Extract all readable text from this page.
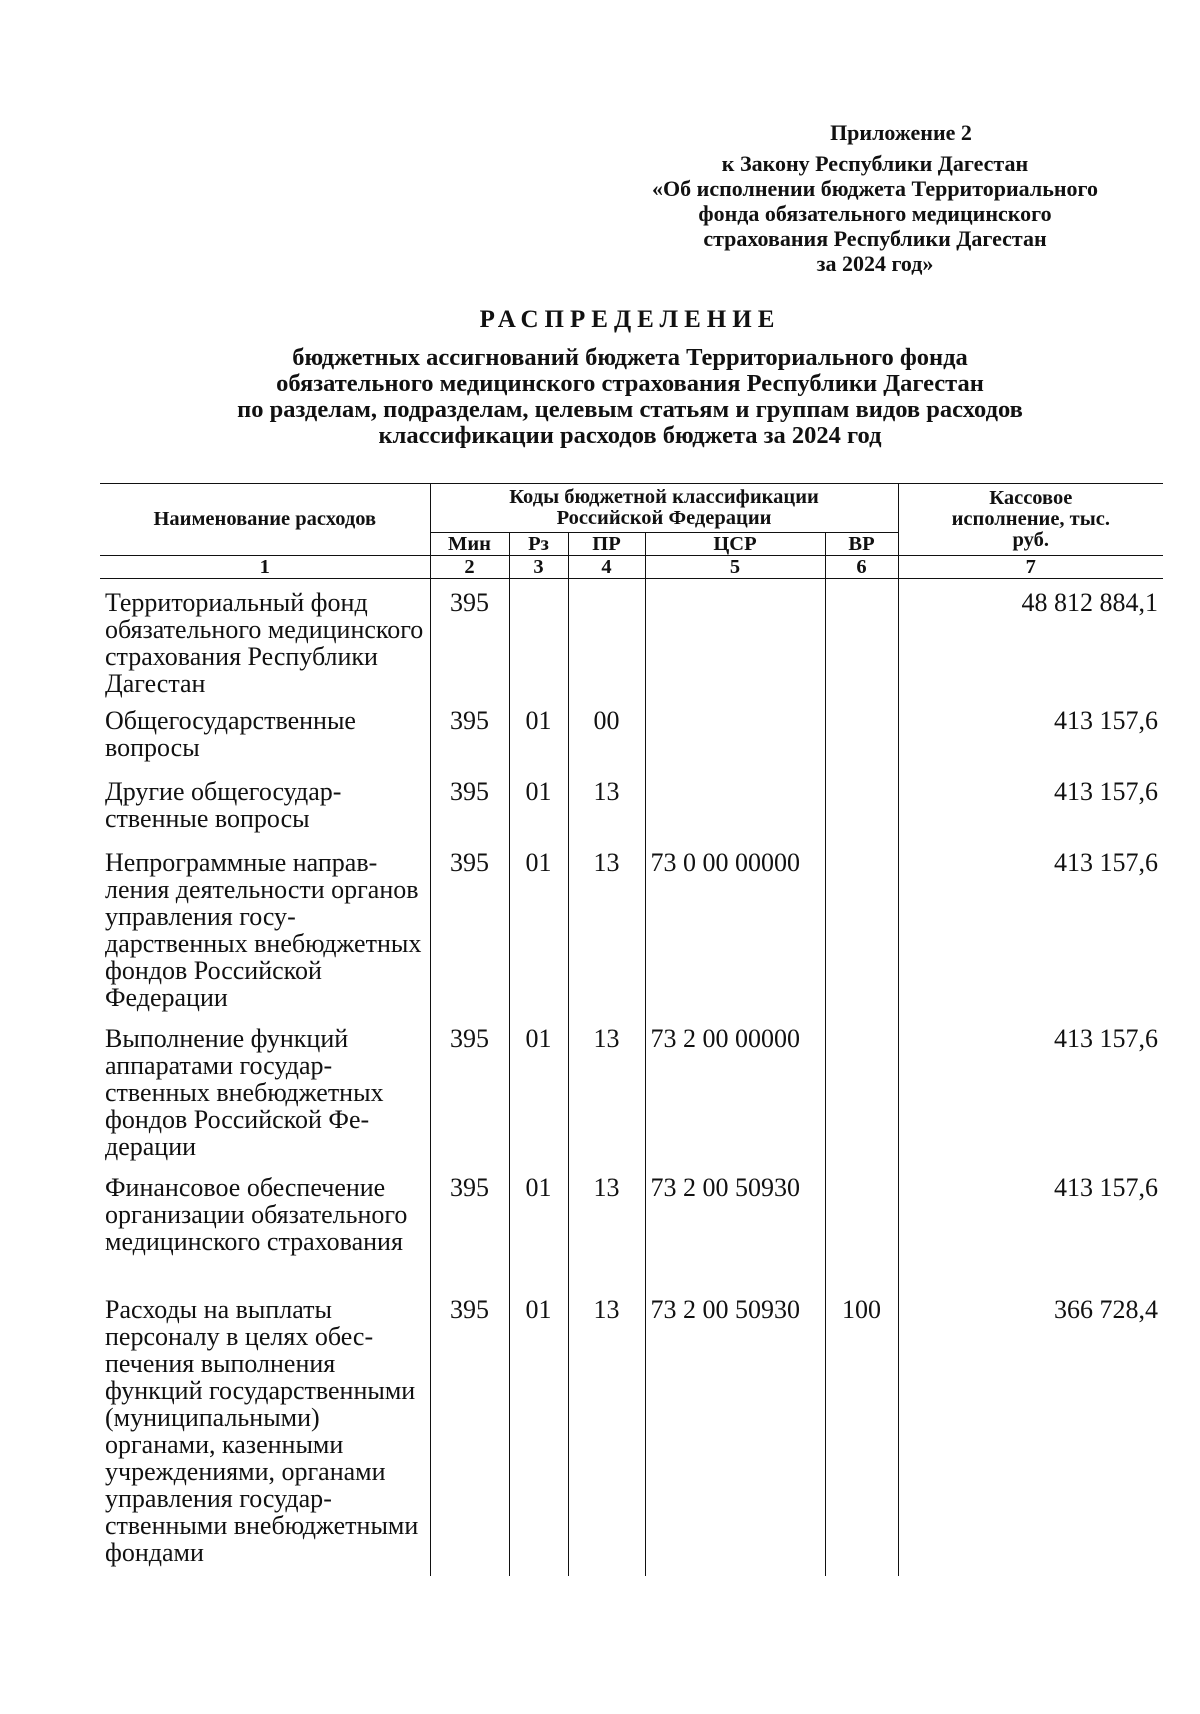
Приложение 2
к Закону Республики Дагестан
«Об исполнении бюджета Территориального
фонда обязательного медицинского
страхования Республики Дагестан
за 2024 год»
РАСПРЕДЕЛЕНИЕ
бюджетных ассигнований бюджета Территориального фонда
обязательного медицинского страхования Республики Дагестан
по разделам, подразделам, целевым статьям и группам видов расходов
классификации расходов бюджета за 2024 год
Наименование расходов	Коды бюджетной классификации Российской Федерации					Кассовое исполнение, тыс. руб.
	Мин	Рз	ПР	ЦСР	ВР	
1	2	3	4	5	6	7
Территориальный фонд обязательного медицинского страхования Республики Дагестан	395					48 812 884,1
Общегосударственные вопросы	395	01	00			413 157,6
Другие общегосударственные вопросы	395	01	13			413 157,6
Непрограммные направления деятельности органов управления государственных внебюджетных фондов Российской Федерации	395	01	13	73 0 00 00000		413 157,6
Выполнение функций аппаратами государственных внебюджетных фондов Российской Федерации	395	01	13	73 2 00 00000		413 157,6
Финансовое обеспечение организации обязательного медицинского страхования	395	01	13	73 2 00 50930		413 157,6
Расходы на выплаты персоналу в целях обеспечения выполнения функций государственными (муниципальными) органами, казенными учреждениями, органами управления государственными внебюджетными фондами	395	01	13	73 2 00 50930	100	366 728,4
